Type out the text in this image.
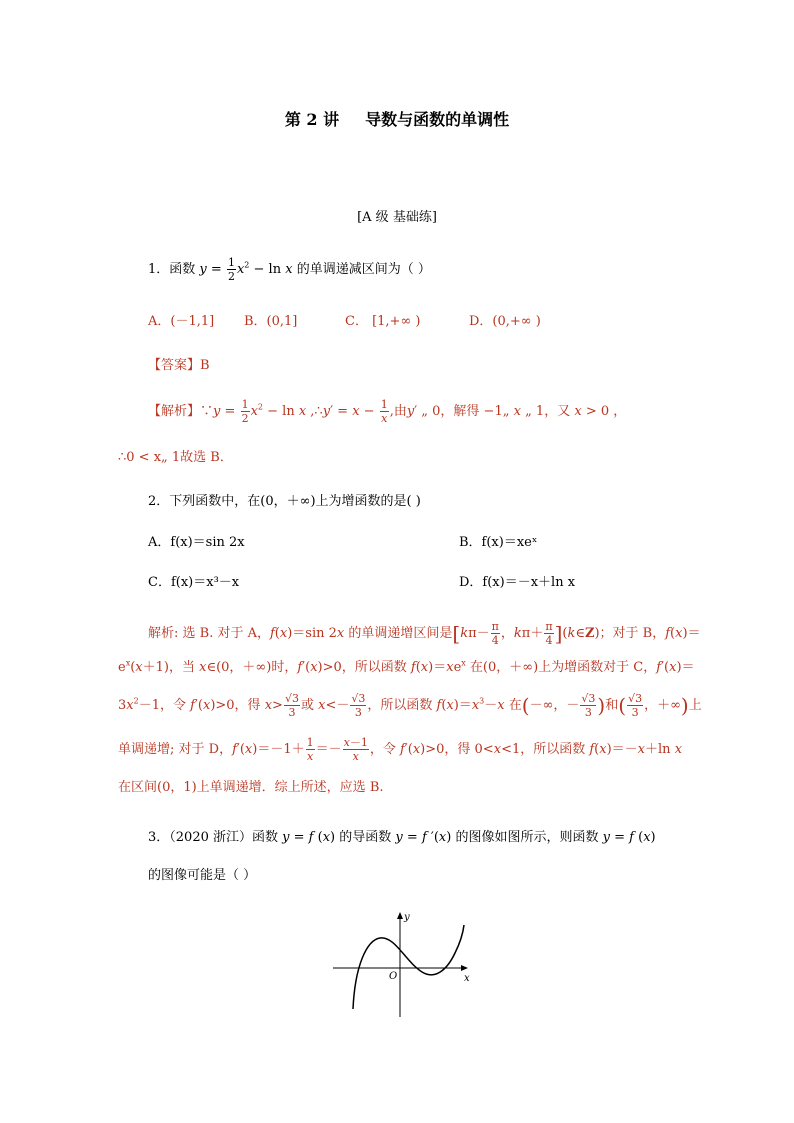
第 2 讲 导数与函数的单调性
[A 级 基础练]
1．函数 $y = \frac{1}{2} x^2 - \ln x$ 的单调递减区间为（ ）
A．(－1,1] B．(0,1]	C． [1,+∞ )	D．(0,+∞ )
【答案】B
【解析】∵y = $\frac{1}{2} x^2 - \ln x$ ,∴y′ = $x - \frac{1}{x}$ ,由y′ „ 0，解得 −1„ x „ 1，又 x > 0 ，
∴0 < x„ 1故选 B．
2．下列函数中，在(0，＋∞)上为增函数的是( )
A．f(x)＝sin 2x	B．f(x)＝xeˣ
C．f(x)＝x³－x	D．f(x)＝－x＋ln x
解析: 选 B. 对于 A，f(x)＝sin 2x 的单调递增区间是[$k\pi- \frac{\pi}{4}$ ，$k\pi+ \frac{\pi}{4}$ ](k∈Z)；对于 B，f(x)＝
$e^x(x+1)$，当 x∈(0，＋∞)时，f′(x)>0，所以函数 $f(x)=xe^x$ 在(0，＋∞)上为增函数对于 C，f′(x)＝
$3x^2-1$，令 f′(x)>0，得 $x> \frac{√3}{3}$ 或 $x<- \frac{√3}{3}$ ，所以函数 $f(x)=x^3-x$ 在(－∞，－ $\frac{√3}{3}$ )和( $\frac{√3}{3}$ ，＋∞)上
单调递增; 对于 D，$f'(x)=-1+ \frac{1}{x} =- \frac{x-1}{x}$ ，令 f′(x)>0，得 0<x<1，所以函数 f(x)＝－x＋ln x
在区间(0，1)上单调递增．综上所述，应选 B.
3．（2020 浙江）函数 y = f (x) 的导函数 y = f ′(x) 的图像如图所示，则函数 y = f (x)
的图像可能是（ ）
x
y
O
